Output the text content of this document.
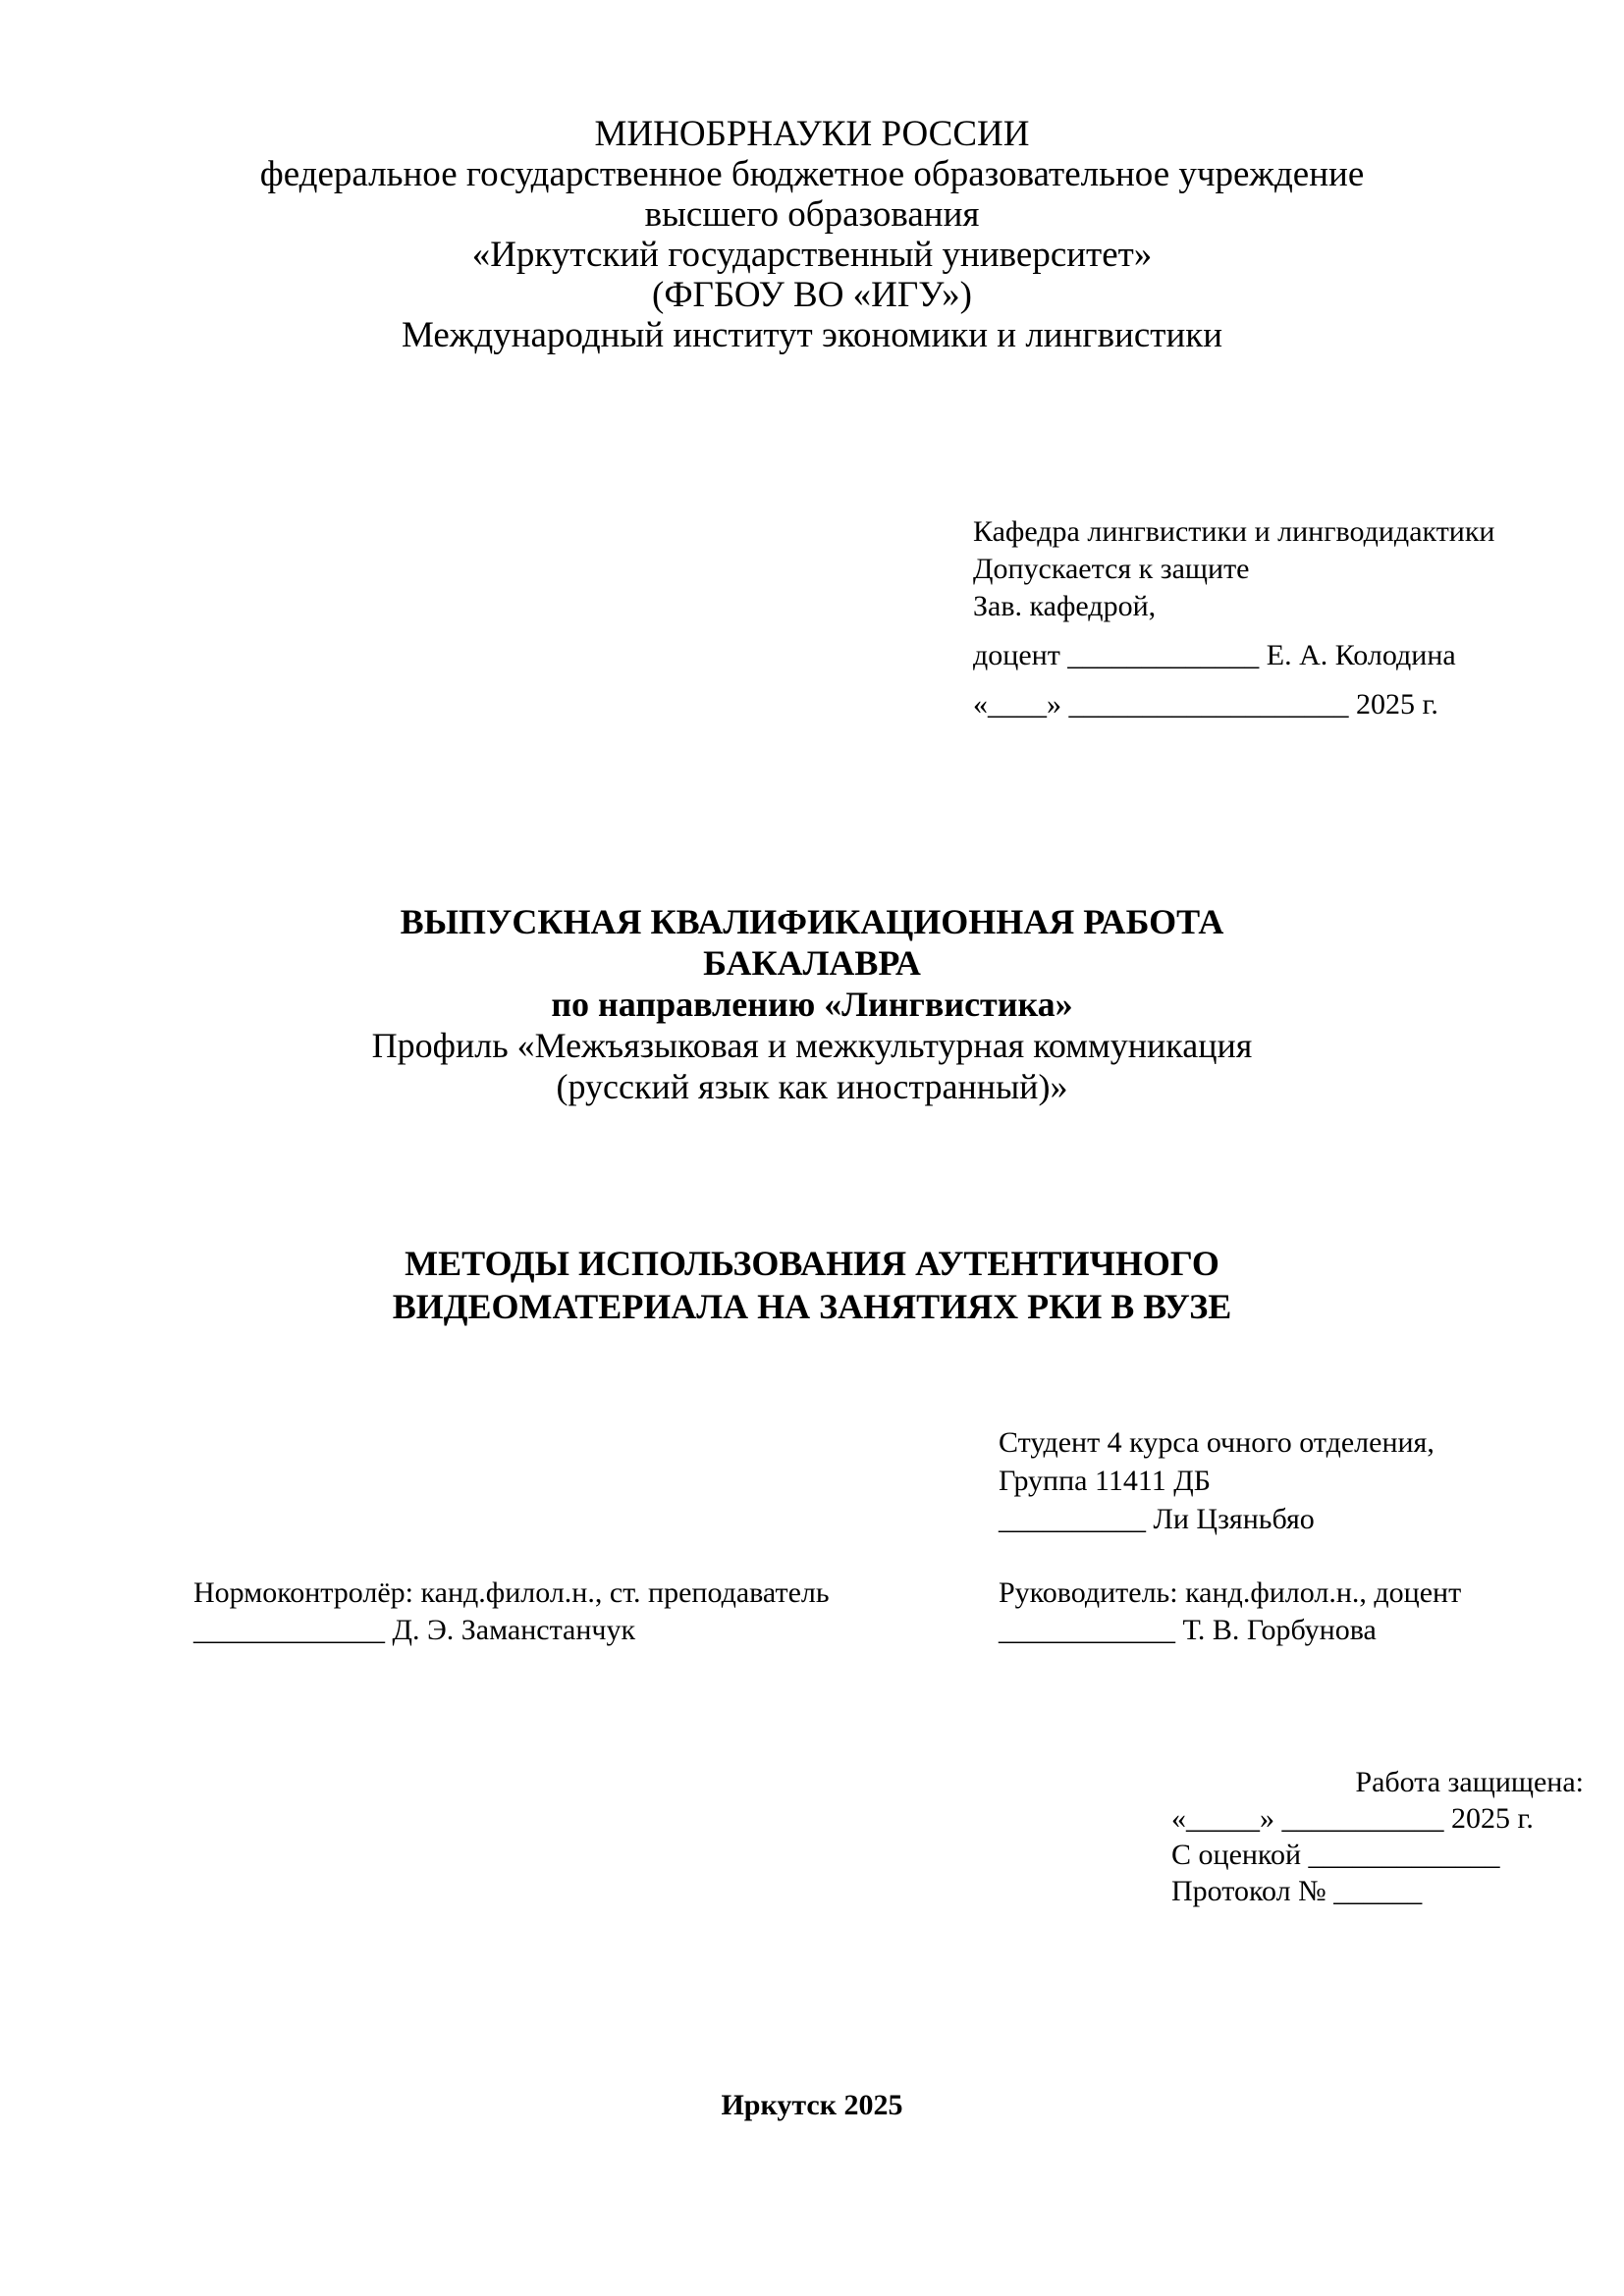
МИНОБРНАУКИ РОССИИ
федеральное государственное бюджетное образовательное учреждение
высшего образования
«Иркутский государственный университет»
(ФГБОУ ВО «ИГУ»)
Международный институт экономики и лингвистики
Кафедра лингвистики и лингводидактики
Допускается к защите
Зав. кафедрой,
доцент _____________ Е. А. Колодина
«____» ___________________ 2025 г.
ВЫПУСКНАЯ КВАЛИФИКАЦИОННАЯ РАБОТА
БАКАЛАВРА
по направлению «Лингвистика»
Профиль «Межъязыковая и межкультурная коммуникация
(русский язык как иностранный)»
МЕТОДЫ ИСПОЛЬЗОВАНИЯ АУТЕНТИЧНОГО
ВИДЕОМАТЕРИАЛА НА ЗАНЯТИЯХ РКИ В ВУЗЕ
Студент 4 курса очного отделения,
Группа 11411 ДБ
__________ Ли Цзяньбяо
Нормоконтролёр: канд.филол.н., ст. преподаватель
_____________ Д. Э. Заманстанчук
Руководитель: канд.филол.н., доцент
____________ Т. В. Горбунова
Работа защищена:
«_____» ___________ 2025 г.
С оценкой _____________
Протокол № ______
Иркутск 2025
